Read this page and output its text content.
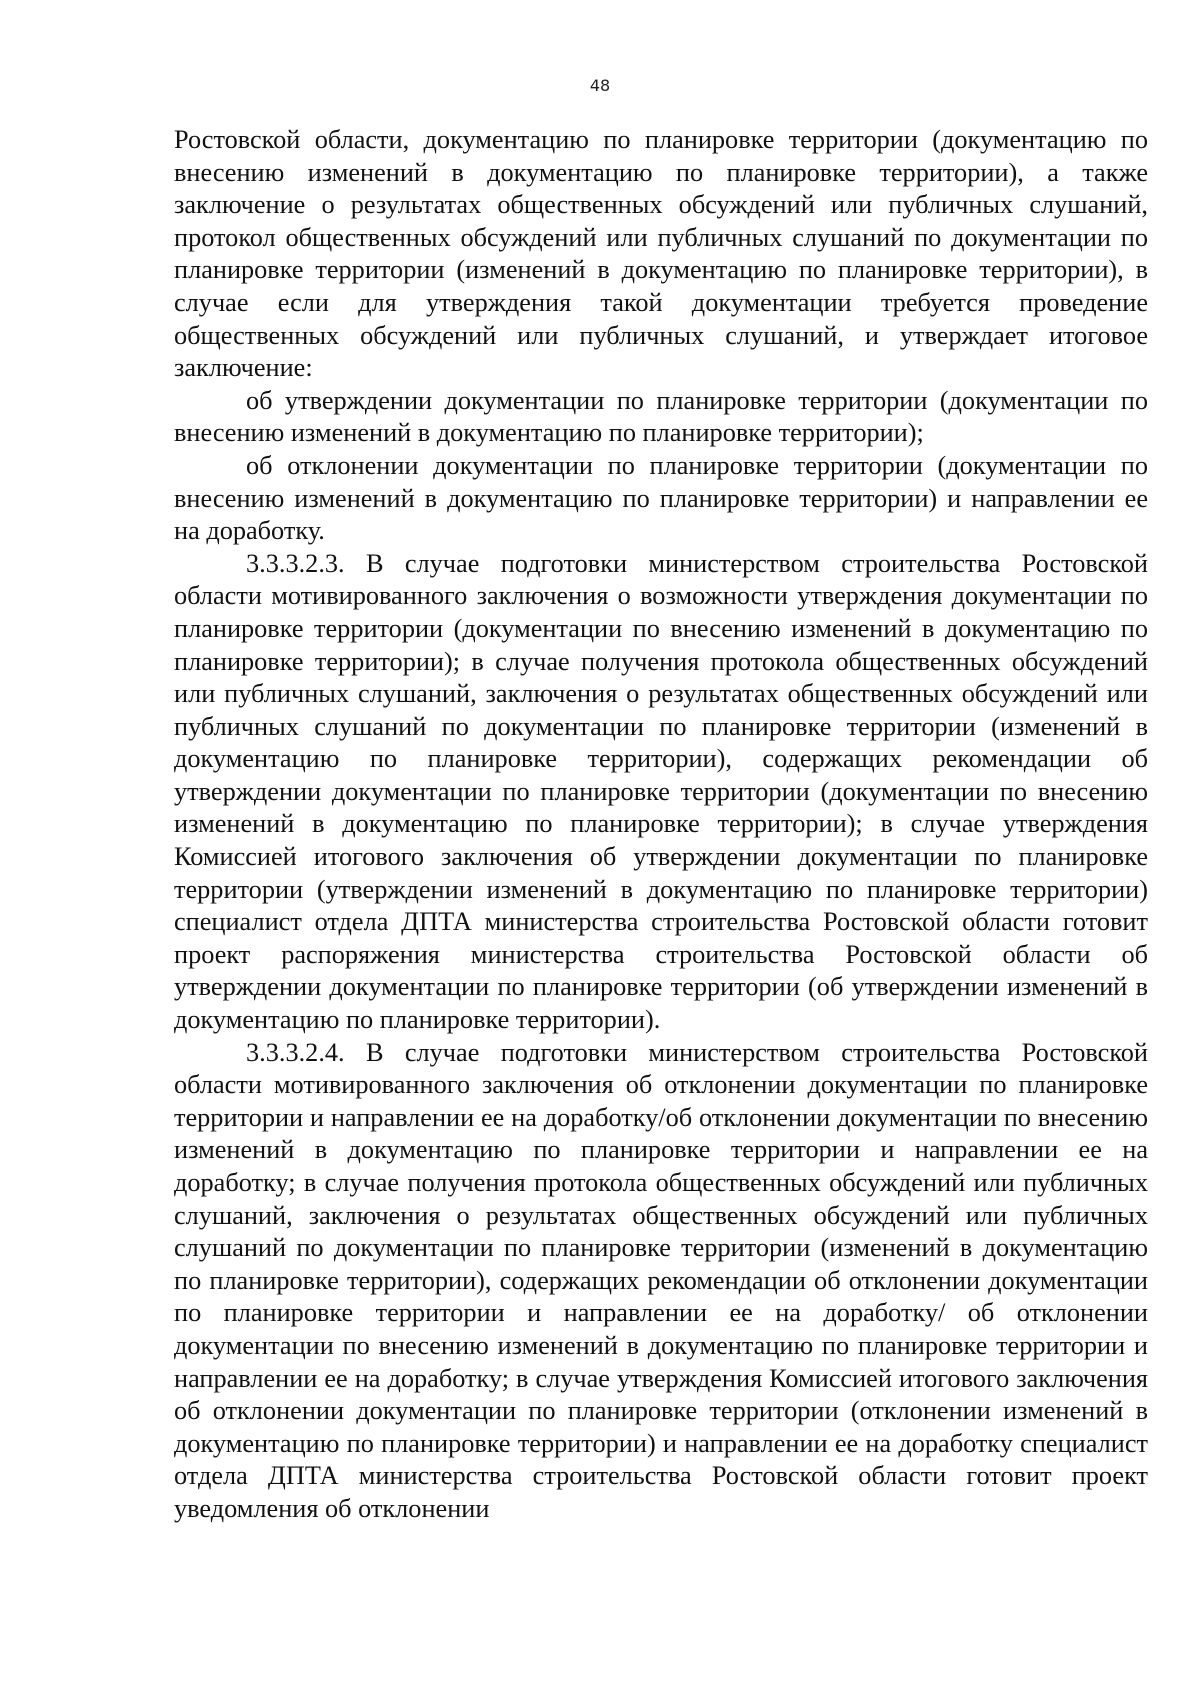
48

Ростовской области, документацию по планировке территории (документацию по внесению изменений в документацию по планировке территории), а также заключение о результатах общественных обсуждений или публичных слушаний, протокол общественных обсуждений или публичных слушаний по документации по планировке территории (изменений в документацию по планировке территории), в случае если для утверждения такой документации требуется проведение общественных обсуждений или публичных слушаний, и утверждает итоговое заключение:

об утверждении документации по планировке территории (документации по внесению изменений в документацию по планировке территории);

об отклонении документации по планировке территории (документации по внесению изменений в документацию по планировке территории) и направлении ее на доработку.

3.3.3.2.3. В случае подготовки министерством строительства Ростовской области мотивированного заключения о возможности утверждения документации по планировке территории (документации по внесению изменений в документацию по планировке территории); в случае получения протокола общественных обсуждений или публичных слушаний, заключения о результатах общественных обсуждений или публичных слушаний по документации по планировке территории (изменений в документацию по планировке территории), содержащих рекомендации об утверждении документации по планировке территории (документации по внесению изменений в документацию по планировке территории); в случае утверждения Комиссией итогового заключения об утверждении документации по планировке территории (утверждении изменений в документацию по планировке территории) специалист отдела ДПТА министерства строительства Ростовской области готовит проект распоряжения министерства строительства Ростовской области об утверждении документации по планировке территории (об утверждении изменений в документацию по планировке территории).

3.3.3.2.4. В случае подготовки министерством строительства Ростовской области мотивированного заключения об отклонении документации по планировке территории и направлении ее на доработку/об отклонении документации по внесению изменений в документацию по планировке территории и направлении ее на доработку; в случае получения протокола общественных обсуждений или публичных слушаний, заключения о результатах общественных обсуждений или публичных слушаний по документации по планировке территории (изменений в документацию по планировке территории), содержащих рекомендации об отклонении документации по планировке территории и направлении ее на доработку/ об отклонении документации по внесению изменений в документацию по планировке территории и направлении ее на доработку; в случае утверждения Комиссией итогового заключения об отклонении документации по планировке территории (отклонении изменений в документацию по планировке территории) и направлении ее на доработку специалист отдела ДПТА министерства строительства Ростовской области готовит проект уведомления об отклонении
